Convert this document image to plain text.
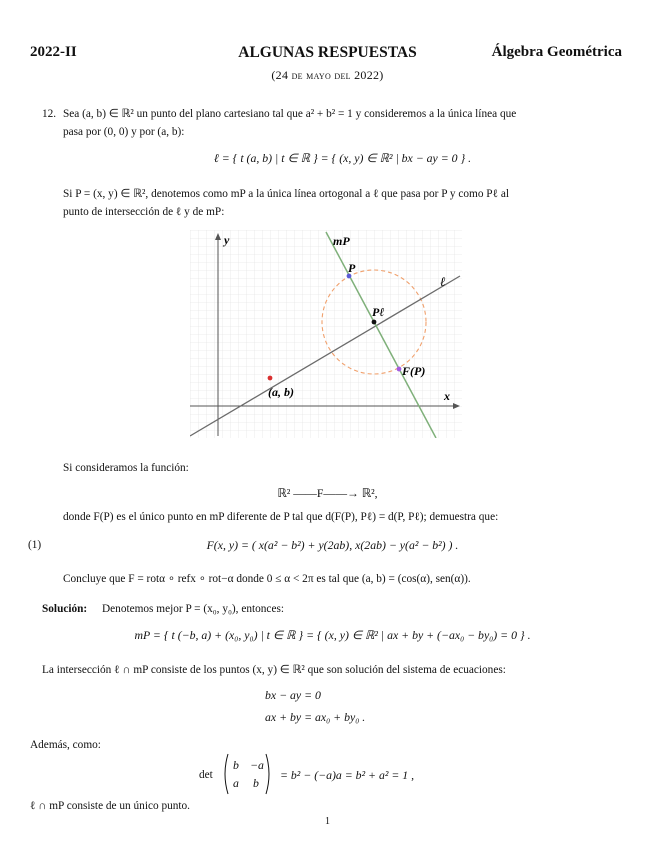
2022-II	ALGUNAS RESPUESTAS	Álgebra Geométrica
(24 de mayo del 2022)
12. Sea (a, b) ∈ ℝ² un punto del plano cartesiano tal que a² + b² = 1 y consideremos a la única línea que
pasa por (0, 0) y por (a, b):
ℓ = { t (a, b) | t ∈ ℝ } = { (x, y) ∈ ℝ² | bx − ay = 0 } .
Si P = (x, y) ∈ ℝ², denotemos como mP a la única línea ortogonal a ℓ que pasa por P y como Pℓ al
punto de intersección de ℓ y de mP:
y
x
mP
ℓ
P
Pℓ
F(P)
(a, b)
Si consideramos la función:
ℝ² ——F——→ ℝ²,
donde F(P) es el único punto en mP diferente de P tal que d(F(P), Pℓ) = d(P, Pℓ); demuestra que:
(1)	F(x, y) = ( x(a² − b²) + y(2ab), x(2ab) − y(a² − b²) ) .
Concluye que F = rotα ∘ refx ∘ rot−α donde 0 ≤ α < 2π es tal que (a, b) = (cos(α), sen(α)).
Solución: Denotemos mejor P = (x₀, y₀), entonces:
mP = { t (−b, a) + (x₀, y₀) | t ∈ ℝ } = { (x, y) ∈ ℝ² | ax + by + (−ax₀ − by₀) = 0 } .
La intersección ℓ ∩ mP consiste de los puntos (x, y) ∈ ℝ² que son solución del sistema de ecuaciones:
bx − ay = 0
ax + by = ax₀ + by₀ .
Además, como:
det
b −a
a b
= b² − (−a)a = b² + a² = 1 ,
ℓ ∩ mP consiste de un único punto.
1
